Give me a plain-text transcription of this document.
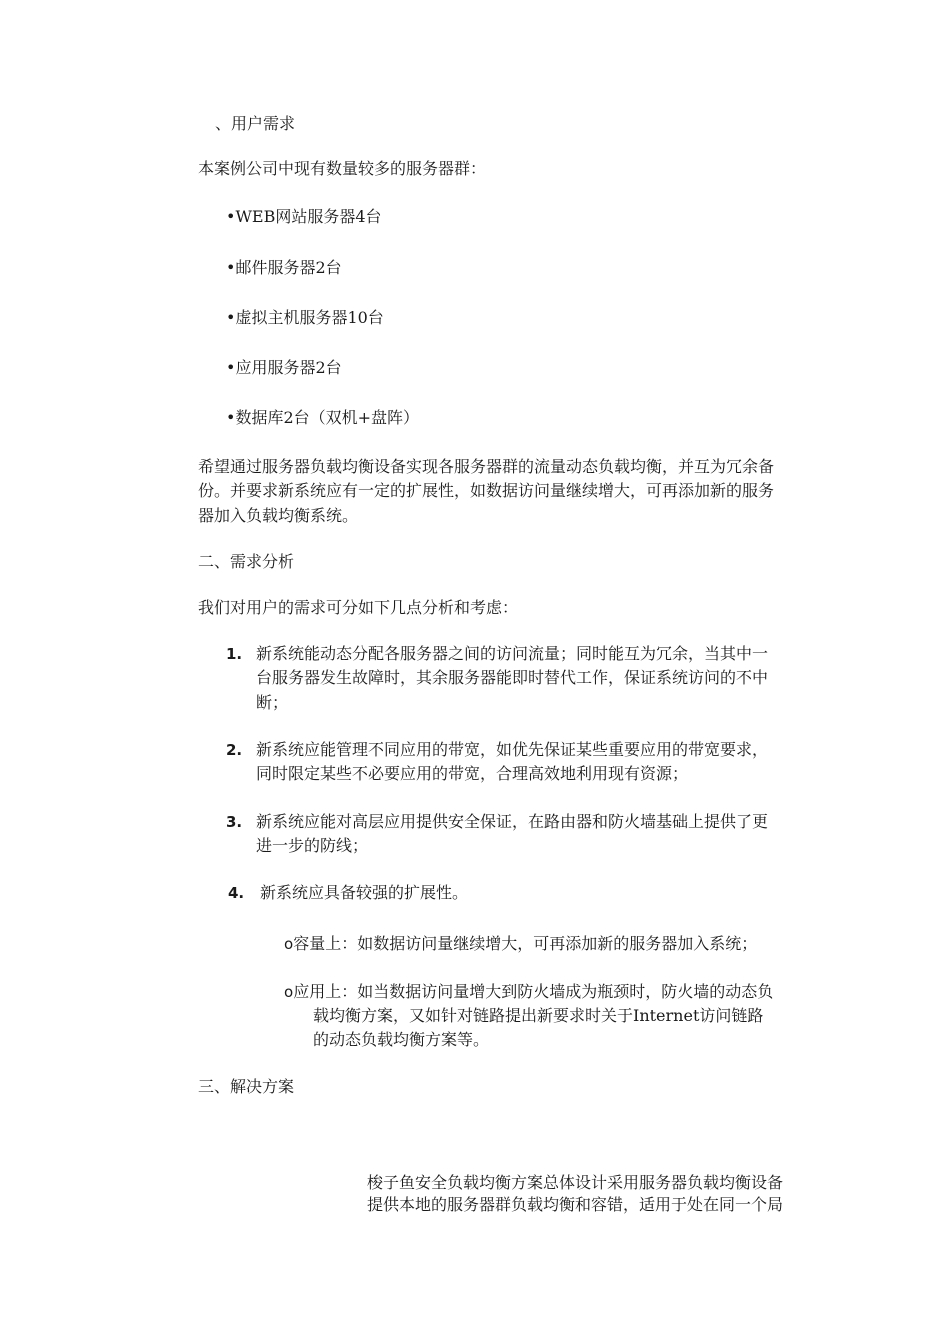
、用户需求
本案例公司中现有数量较多的服务器群：
•WEB网站服务器4台
•邮件服务器2台
•虚拟主机服务器10台
•应用服务器2台
•数据库2台（双机+盘阵）
希望通过服务器负载均衡设备实现各服务器群的流量动态负载均衡，并互为冗余备
份。并要求新系统应有一定的扩展性，如数据访问量继续增大，可再添加新的服务
器加入负载均衡系统。
二、需求分析
我们对用户的需求可分如下几点分析和考虑：
1. 新系统能动态分配各服务器之间的访问流量；同时能互为冗余，当其中一
台服务器发生故障时，其余服务器能即时替代工作，保证系统访问的不中
断；
2. 新系统应能管理不同应用的带宽，如优先保证某些重要应用的带宽要求，
同时限定某些不必要应用的带宽，合理高效地利用现有资源；
3. 新系统应能对高层应用提供安全保证，在路由器和防火墙基础上提供了更
进一步的防线；
4. 新系统应具备较强的扩展性。
o容量上：如数据访问量继续增大，可再添加新的服务器加入系统；
o应用上：如当数据访问量增大到防火墙成为瓶颈时，防火墙的动态负
载均衡方案，又如针对链路提出新要求时关于Internet访问链路
的动态负载均衡方案等。
三、解决方案
梭子鱼安全负载均衡方案总体设计采用服务器负载均衡设备
提供本地的服务器群负载均衡和容错，适用于处在同一个局
